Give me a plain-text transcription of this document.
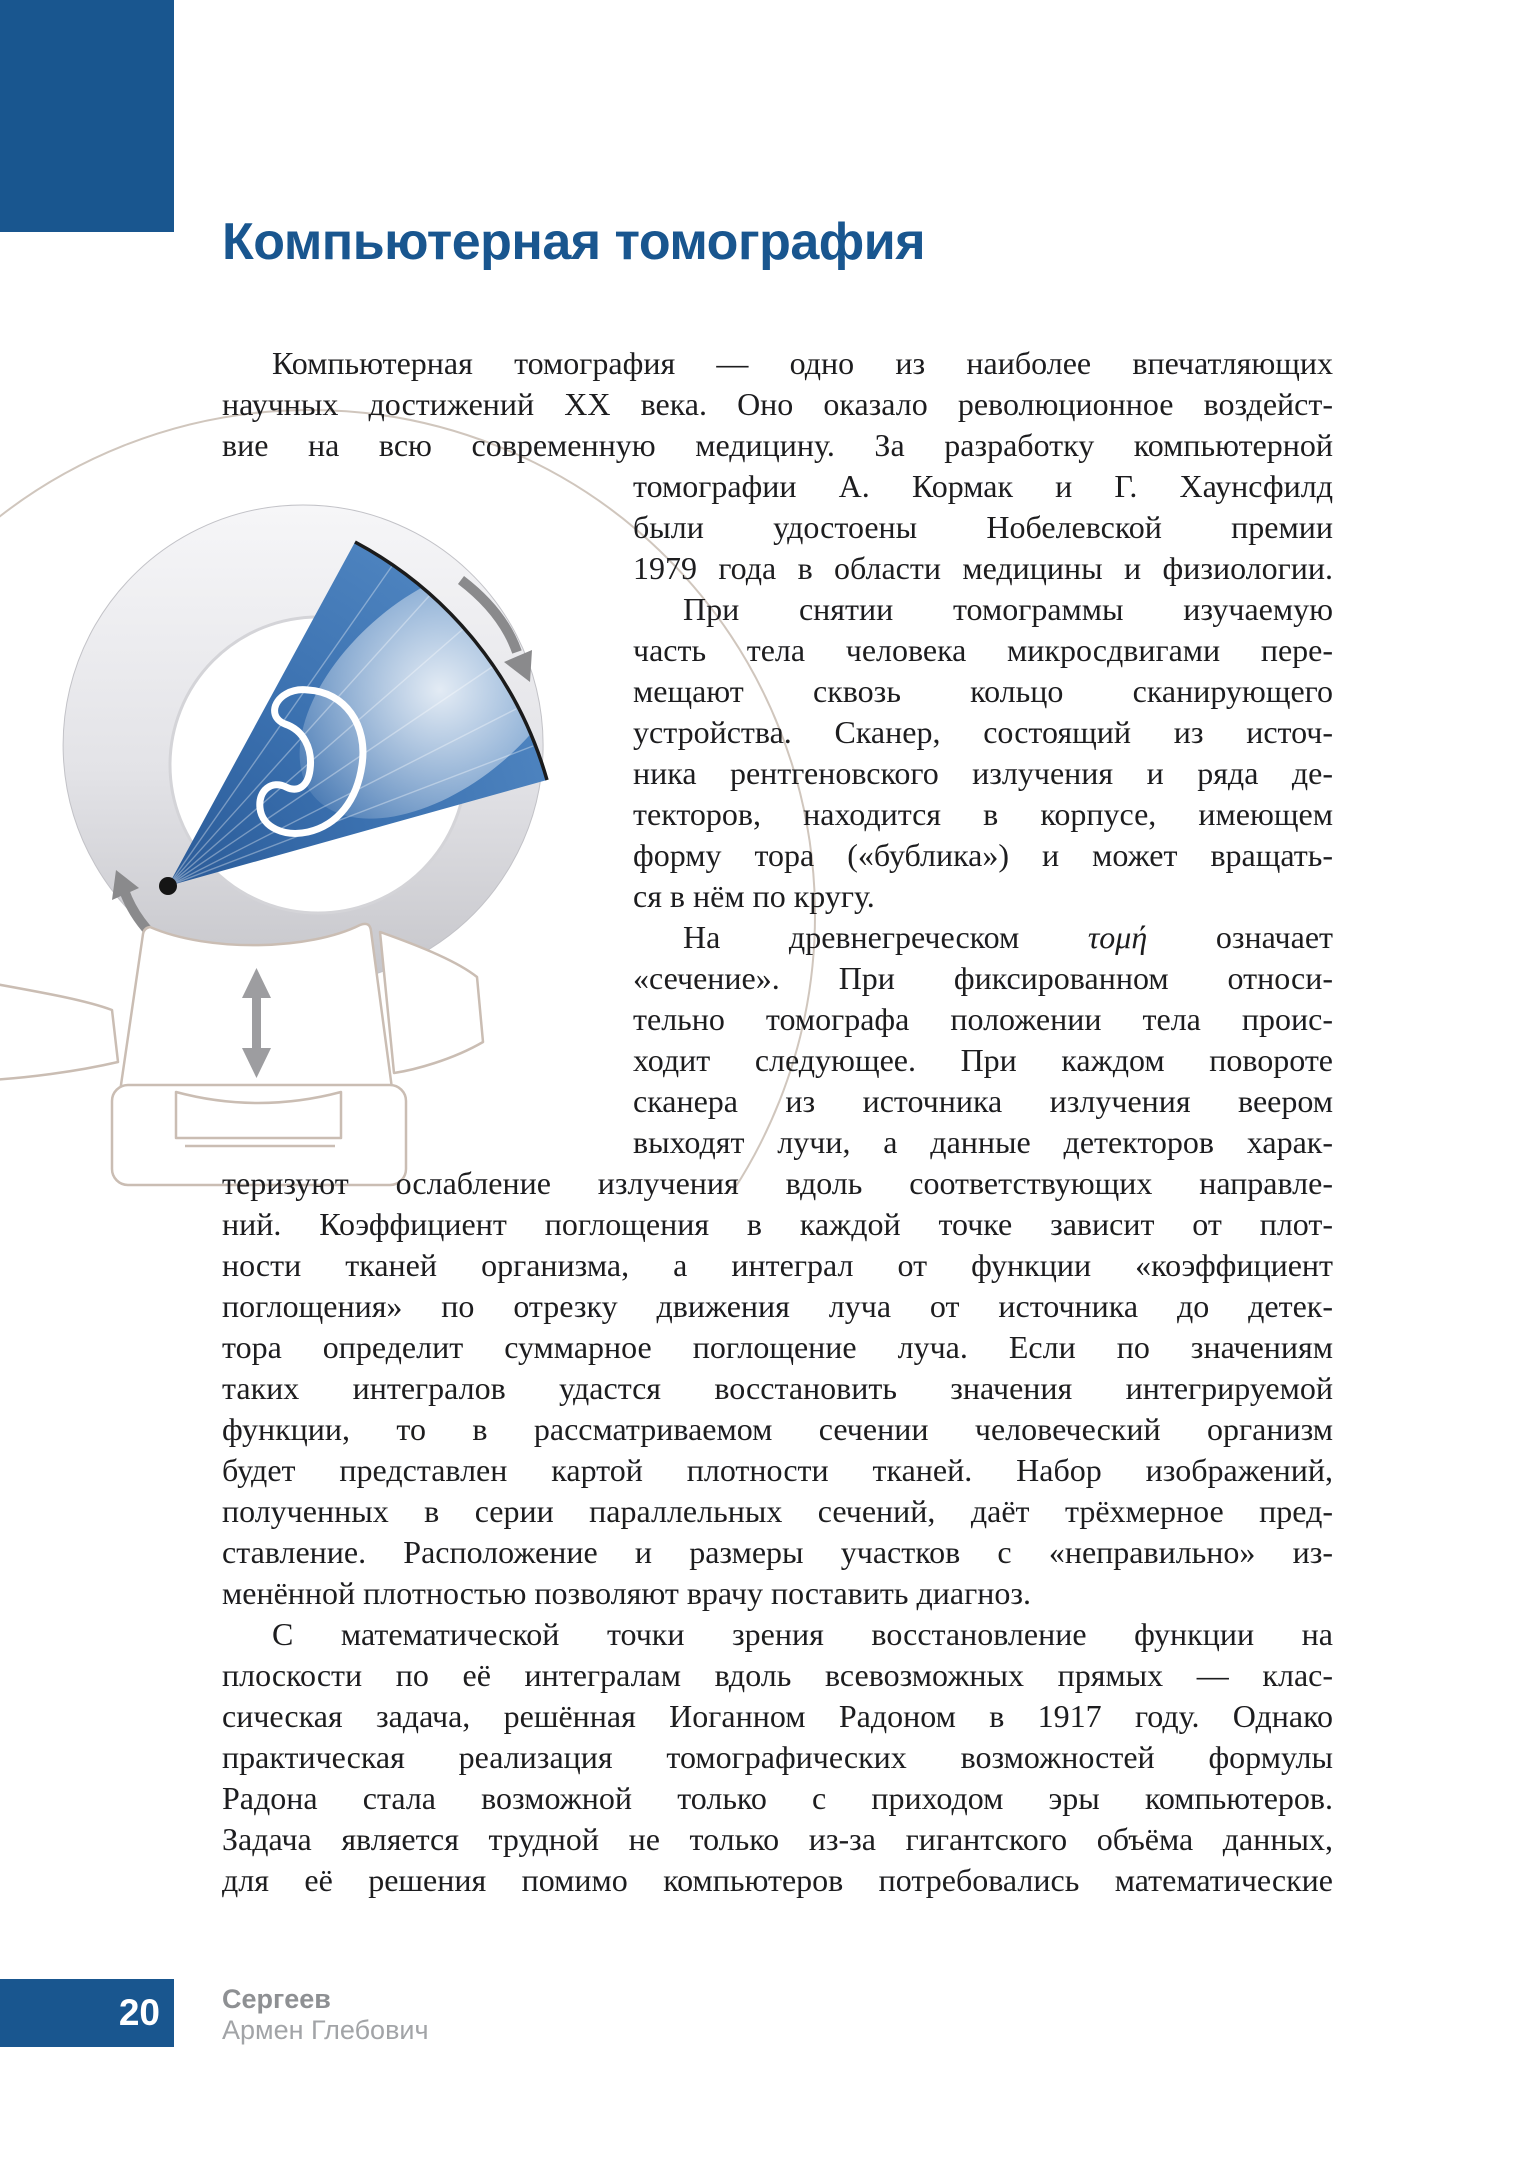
Компьютерная томография
Компьютерная томография — одно из наиболее впечатляющих
научных достижений XX века. Оно оказало революционное воздейст-
вие на всю современную медицину. За разработку компьютерной
томографии А. Кормак и Г. Хаунсфилд
были удостоены Нобелевской премии
1979 года в области медицины и физиологии.
При снятии томограммы изучаемую
часть тела человека микросдвигами пере-
мещают сквозь кольцо сканирующего
устройства. Сканер, состоящий из источ-
ника рентгеновского излучения и ряда де-
текторов, находится в корпусе, имеющем
форму тора («бублика») и может вращать-
ся в нём по кругу.
На древнегреческом τομή означает
«сечение». При фиксированном относи-
тельно томографа положении тела проис-
ходит следующее. При каждом повороте
сканера из источника излучения веером
выходят лучи, а данные детекторов харак-
теризуют ослабление излучения вдоль соответствующих направле-
ний. Коэффициент поглощения в каждой точке зависит от плот-
ности тканей организма, а интеграл от функции «коэффициент
поглощения» по отрезку движения луча от источника до детек-
тора определит суммарное поглощение луча. Если по значениям
таких интегралов удастся восстановить значения интегрируемой
функции, то в рассматриваемом сечении человеческий организм
будет представлен картой плотности тканей. Набор изображений,
полученных в серии параллельных сечений, даёт трёхмерное пред-
ставление. Расположение и размеры участков с «неправильно» из-
менённой плотностью позволяют врачу поставить диагноз.
С математической точки зрения восстановление функции на
плоскости по её интегралам вдоль всевозможных прямых — клас-
сическая задача, решённая Иоганном Радоном в 1917 году. Однако
практическая реализация томографических возможностей формулы
Радона стала возможной только с приходом эры компьютеров.
Задача является трудной не только из-за гигантского объёма данных,
для её решения помимо компьютеров потребовались математические
20 Сергеев
Армен Глебович
